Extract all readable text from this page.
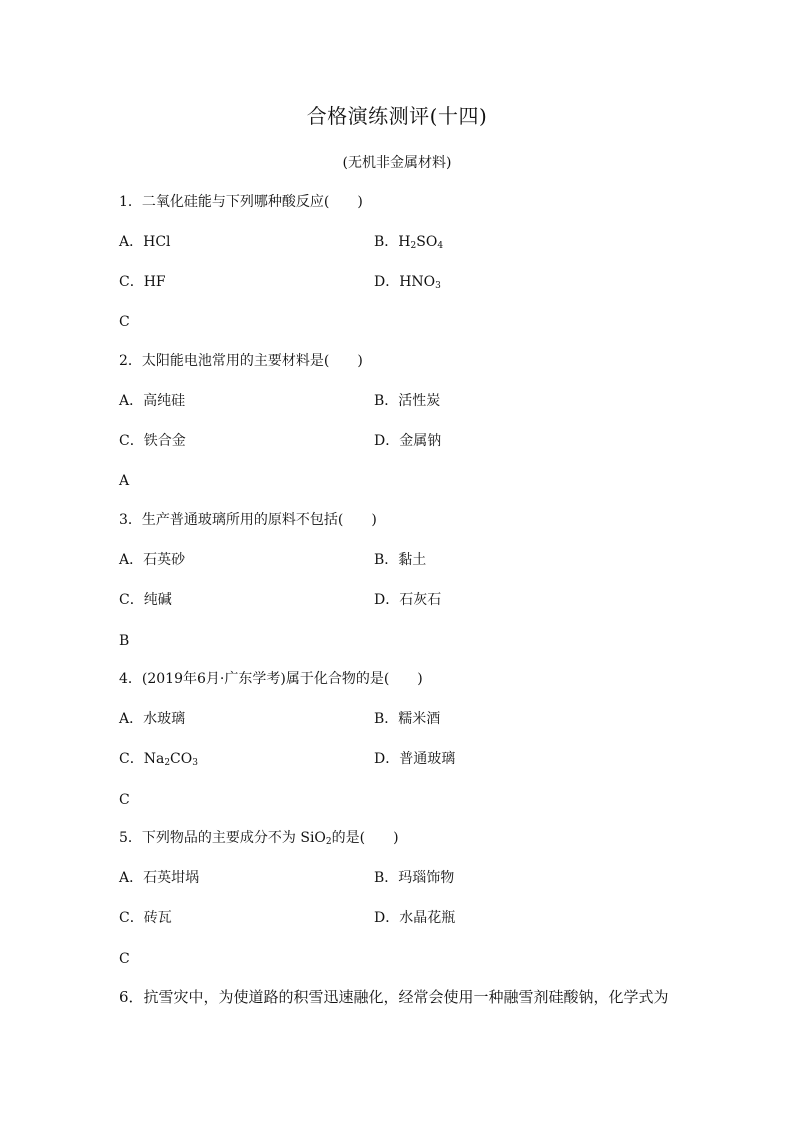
合格演练测评(十四)
(无机非金属材料)
1．二氧化硅能与下列哪种酸反应(　　)
A．HCl	B．$H_2SO_4$
C．HF	D．$HNO_3$
C
2．太阳能电池常用的主要材料是(　　)
A．高纯硅	B．活性炭
C．铁合金	D．金属钠
A
3．生产普通玻璃所用的原料不包括(　　)
A．石英砂	B．黏土
C．纯碱	D．石灰石
B
4．(2019年6月·广东学考)属于化合物的是(　　)
A．水玻璃	B．糯米酒
C．$Na_2CO_3$	D．普通玻璃
C
5．下列物品的主要成分不为 SiO$_2$的是(　　)
A．石英坩埚	B．玛瑙饰物
C．砖瓦	D．水晶花瓶
C
6．抗雪灾中，为使道路的积雪迅速融化，经常会使用一种融雪剂硅酸钠，化学式为
